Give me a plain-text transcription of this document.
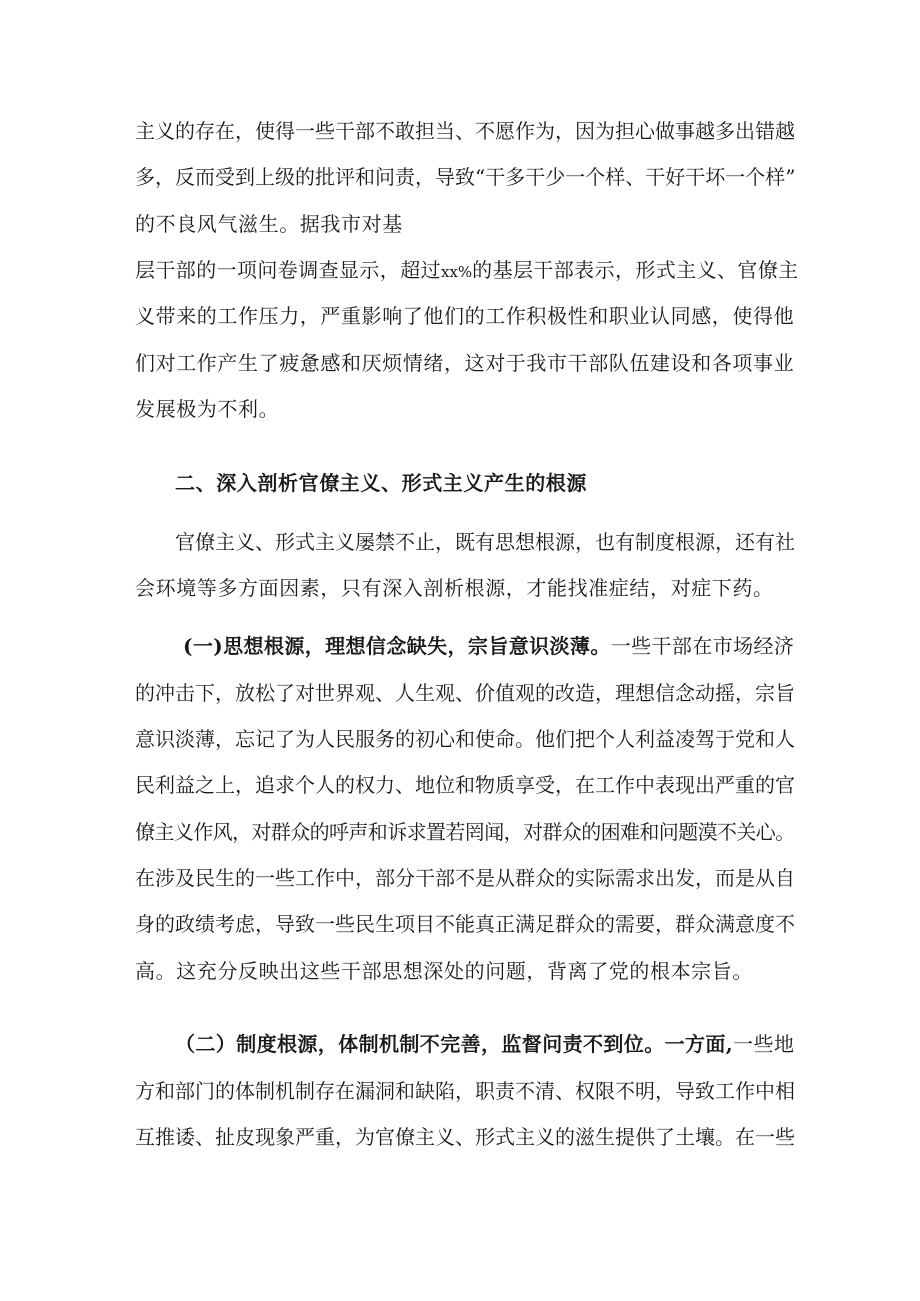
主义的存在，使得一些干部不敢担当、不愿作为，因为担心做事越多出错越
多，反而受到上级的批评和问责，导致“干多干少一个样、干好干坏一个样”
的不良风气滋生。据我市对基
层干部的一项问卷调查显示，超过xx%的基层干部表示，形式主义、官僚主
义带来的工作压力，严重影响了他们的工作积极性和职业认同感，使得他
们对工作产生了疲惫感和厌烦情绪，这对于我市干部队伍建设和各项事业
发展极为不利。
二、深入剖析官僚主义、形式主义产生的根源
官僚主义、形式主义屡禁不止，既有思想根源，也有制度根源，还有社
会环境等多方面因素，只有深入剖析根源，才能找准症结，对症下药。
(一)思想根源，理想信念缺失，宗旨意识淡薄。一些干部在市场经济
的冲击下，放松了对世界观、人生观、价值观的改造，理想信念动摇，宗旨
意识淡薄，忘记了为人民服务的初心和使命。他们把个人利益凌驾于党和人
民利益之上，追求个人的权力、地位和物质享受，在工作中表现出严重的官
僚主义作风，对群众的呼声和诉求置若罔闻，对群众的困难和问题漠不关心。
在涉及民生的一些工作中，部分干部不是从群众的实际需求出发，而是从自
身的政绩考虑，导致一些民生项目不能真正满足群众的需要，群众满意度不
高。这充分反映出这些干部思想深处的问题，背离了党的根本宗旨。
（二）制度根源，体制机制不完善，监督问责不到位。一方面,一些地
方和部门的体制机制存在漏洞和缺陷，职责不清、权限不明，导致工作中相
互推诿、扯皮现象严重，为官僚主义、形式主义的滋生提供了土壤。在一些
